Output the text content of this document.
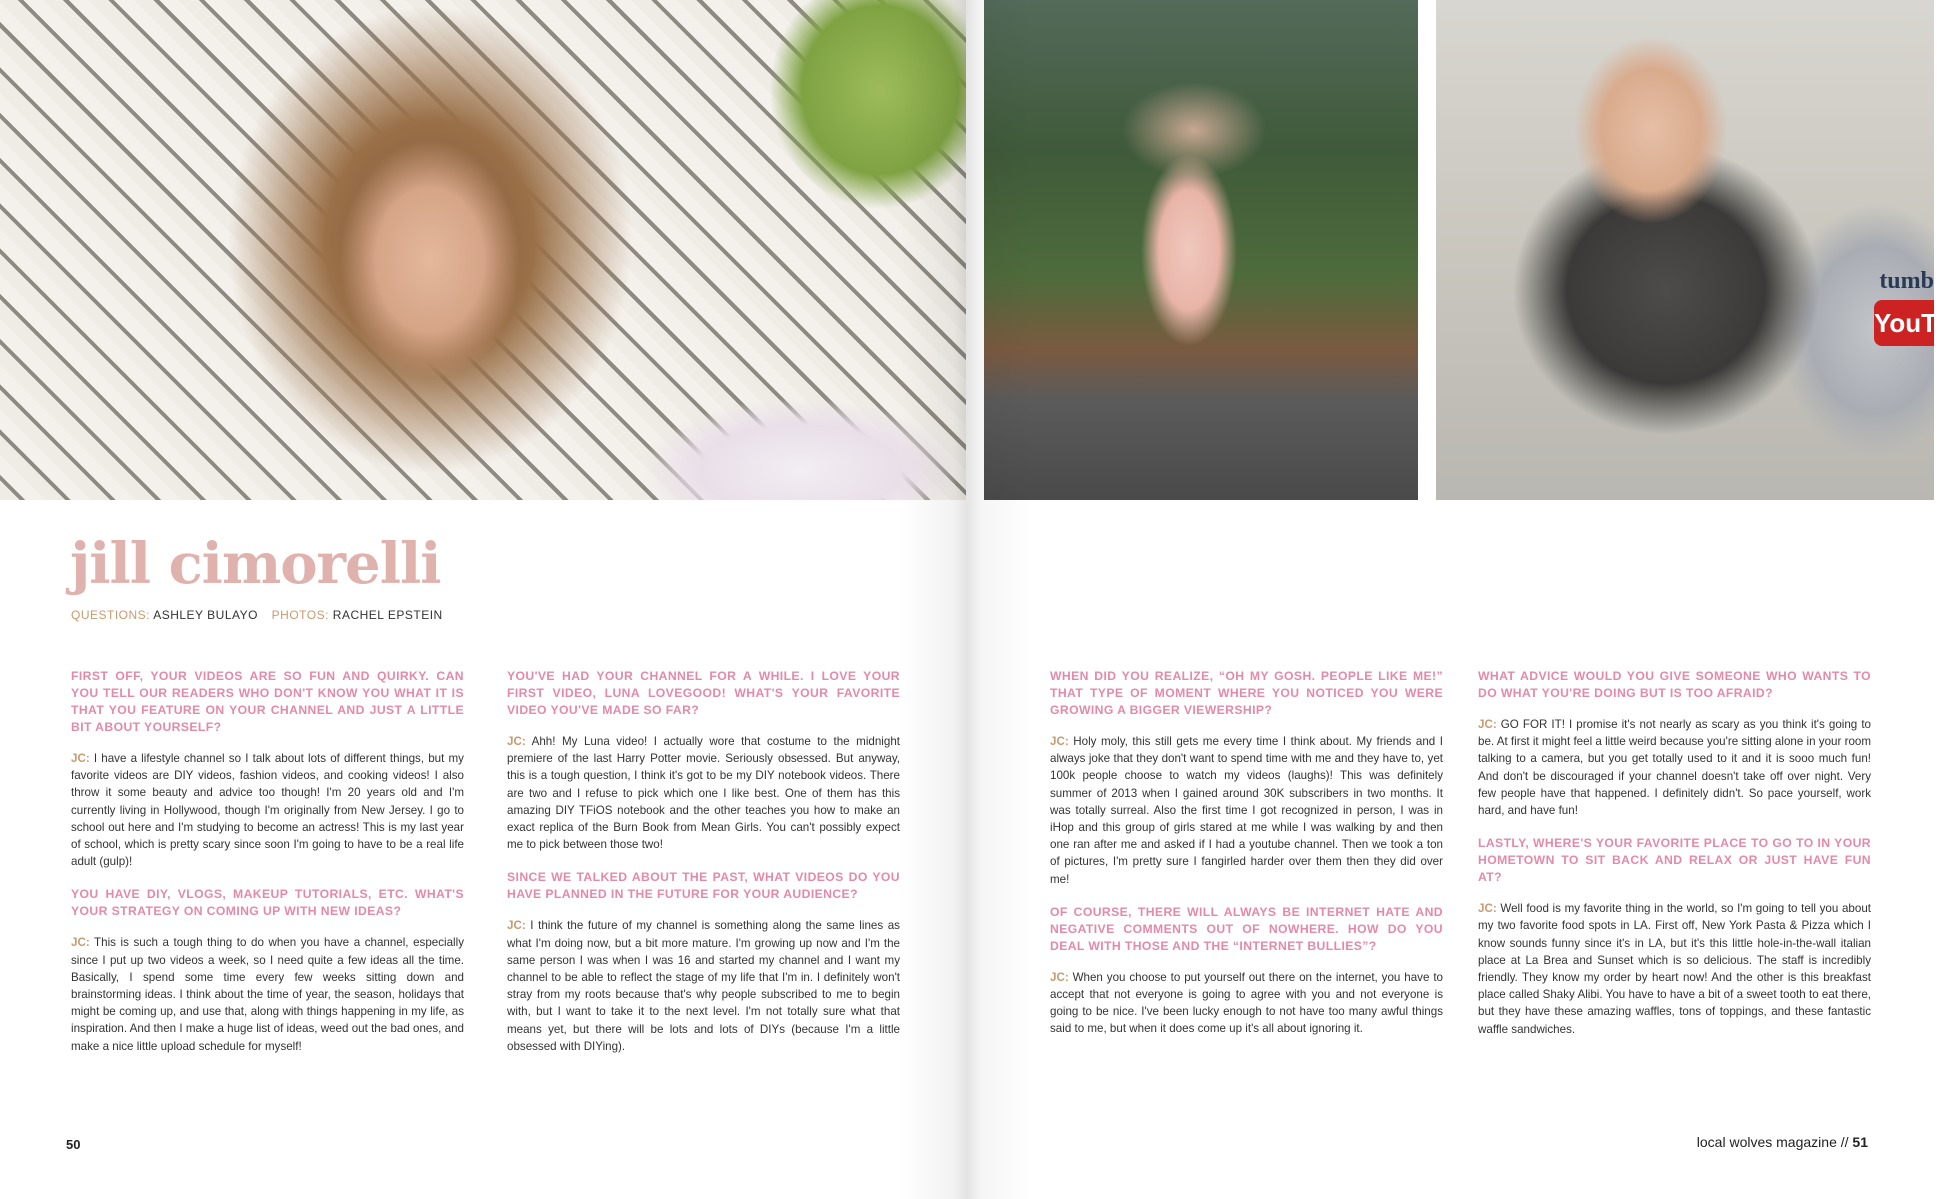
jill cimorelli
QUESTIONS: ASHLEY BULAYO PHOTOS: RACHEL EPSTEIN

FIRST OFF, YOUR VIDEOS ARE SO FUN AND QUIRKY. CAN YOU TELL OUR READERS WHO DON'T KNOW YOU WHAT IT IS THAT YOU FEATURE ON YOUR CHANNEL AND JUST A LITTLE BIT ABOUT YOURSELF?

JC: I have a lifestyle channel so I talk about lots of different things, but my favorite videos are DIY videos, fashion videos, and cooking videos! I also throw it some beauty and advice too though! I'm 20 years old and I'm currently living in Hollywood, though I'm originally from New Jersey. I go to school out here and I'm studying to become an actress! This is my last year of school, which is pretty scary since soon I'm going to have to be a real life adult (gulp)!

YOU HAVE DIY, VLOGS, MAKEUP TUTORIALS, ETC. WHAT'S YOUR STRATEGY ON COMING UP WITH NEW IDEAS?

JC: This is such a tough thing to do when you have a channel, especially since I put up two videos a week, so I need quite a few ideas all the time. Basically, I spend some time every few weeks sitting down and brainstorming ideas. I think about the time of year, the season, holidays that might be coming up, and use that, along with things happening in my life, as inspiration. And then I make a huge list of ideas, weed out the bad ones, and make a nice little upload schedule for myself!

YOU'VE HAD YOUR CHANNEL FOR A WHILE. I LOVE YOUR FIRST VIDEO, LUNA LOVEGOOD! WHAT'S YOUR FAVORITE VIDEO YOU'VE MADE SO FAR?

JC: Ahh! My Luna video! I actually wore that costume to the midnight premiere of the last Harry Potter movie. Seriously obsessed. But anyway, this is a tough question, I think it's got to be my DIY notebook videos. There are two and I refuse to pick which one I like best. One of them has this amazing DIY TFiOS notebook and the other teaches you how to make an exact replica of the Burn Book from Mean Girls. You can't possibly expect me to pick between those two!

SINCE WE TALKED ABOUT THE PAST, WHAT VIDEOS DO YOU HAVE PLANNED IN THE FUTURE FOR YOUR AUDIENCE?

JC: I think the future of my channel is something along the same lines as what I'm doing now, but a bit more mature. I'm growing up now and I'm the same person I was when I was 16 and started my channel and I want my channel to be able to reflect the stage of my life that I'm in. I definitely won't stray from my roots because that's why people subscribed to me to begin with, but I want to take it to the next level. I'm not totally sure what that means yet, but there will be lots and lots of DIYs (because I'm a little obsessed with DIYing).

50

WHEN DID YOU REALIZE, “OH MY GOSH. PEOPLE LIKE ME!” THAT TYPE OF MOMENT WHERE YOU NOTICED YOU WERE GROWING A BIGGER VIEWERSHIP?

JC: Holy moly, this still gets me every time I think about. My friends and I always joke that they don't want to spend time with me and they have to, yet 100k people choose to watch my videos (laughs)! This was definitely summer of 2013 when I gained around 30K subscribers in two months. It was totally surreal. Also the first time I got recognized in person, I was in iHop and this group of girls stared at me while I was walking by and then one ran after me and asked if I had a youtube channel. Then we took a ton of pictures, I'm pretty sure I fangirled harder over them then they did over me!

OF COURSE, THERE WILL ALWAYS BE INTERNET HATE AND NEGATIVE COMMENTS OUT OF NOWHERE. HOW DO YOU DEAL WITH THOSE AND THE “INTERNET BULLIES”?

JC: When you choose to put yourself out there on the internet, you have to accept that not everyone is going to agree with you and not everyone is going to be nice. I've been lucky enough to not have too many awful things said to me, but when it does come up it's all about ignoring it.

WHAT ADVICE WOULD YOU GIVE SOMEONE WHO WANTS TO DO WHAT YOU'RE DOING BUT IS TOO AFRAID?

JC: GO FOR IT! I promise it's not nearly as scary as you think it's going to be. At first it might feel a little weird because you're sitting alone in your room talking to a camera, but you get totally used to it and it is sooo much fun! And don't be discouraged if your channel doesn't take off over night. Very few people have that happened. I definitely didn't. So pace yourself, work hard, and have fun!

LASTLY, WHERE'S YOUR FAVORITE PLACE TO GO TO IN YOUR HOMETOWN TO SIT BACK AND RELAX OR JUST HAVE FUN AT?

JC: Well food is my favorite thing in the world, so I'm going to tell you about my two favorite food spots in LA. First off, New York Pasta & Pizza which I know sounds funny since it's in LA, but it's this little hole-in-the-wall italian place at La Brea and Sunset which is so delicious. The staff is incredibly friendly. They know my order by heart now! And the other is this breakfast place called Shaky Alibi. You have to have a bit of a sweet tooth to eat there, but they have these amazing waffles, tons of toppings, and these fantastic waffle sandwiches.

local wolves magazine // 51
tumb
YouTu
